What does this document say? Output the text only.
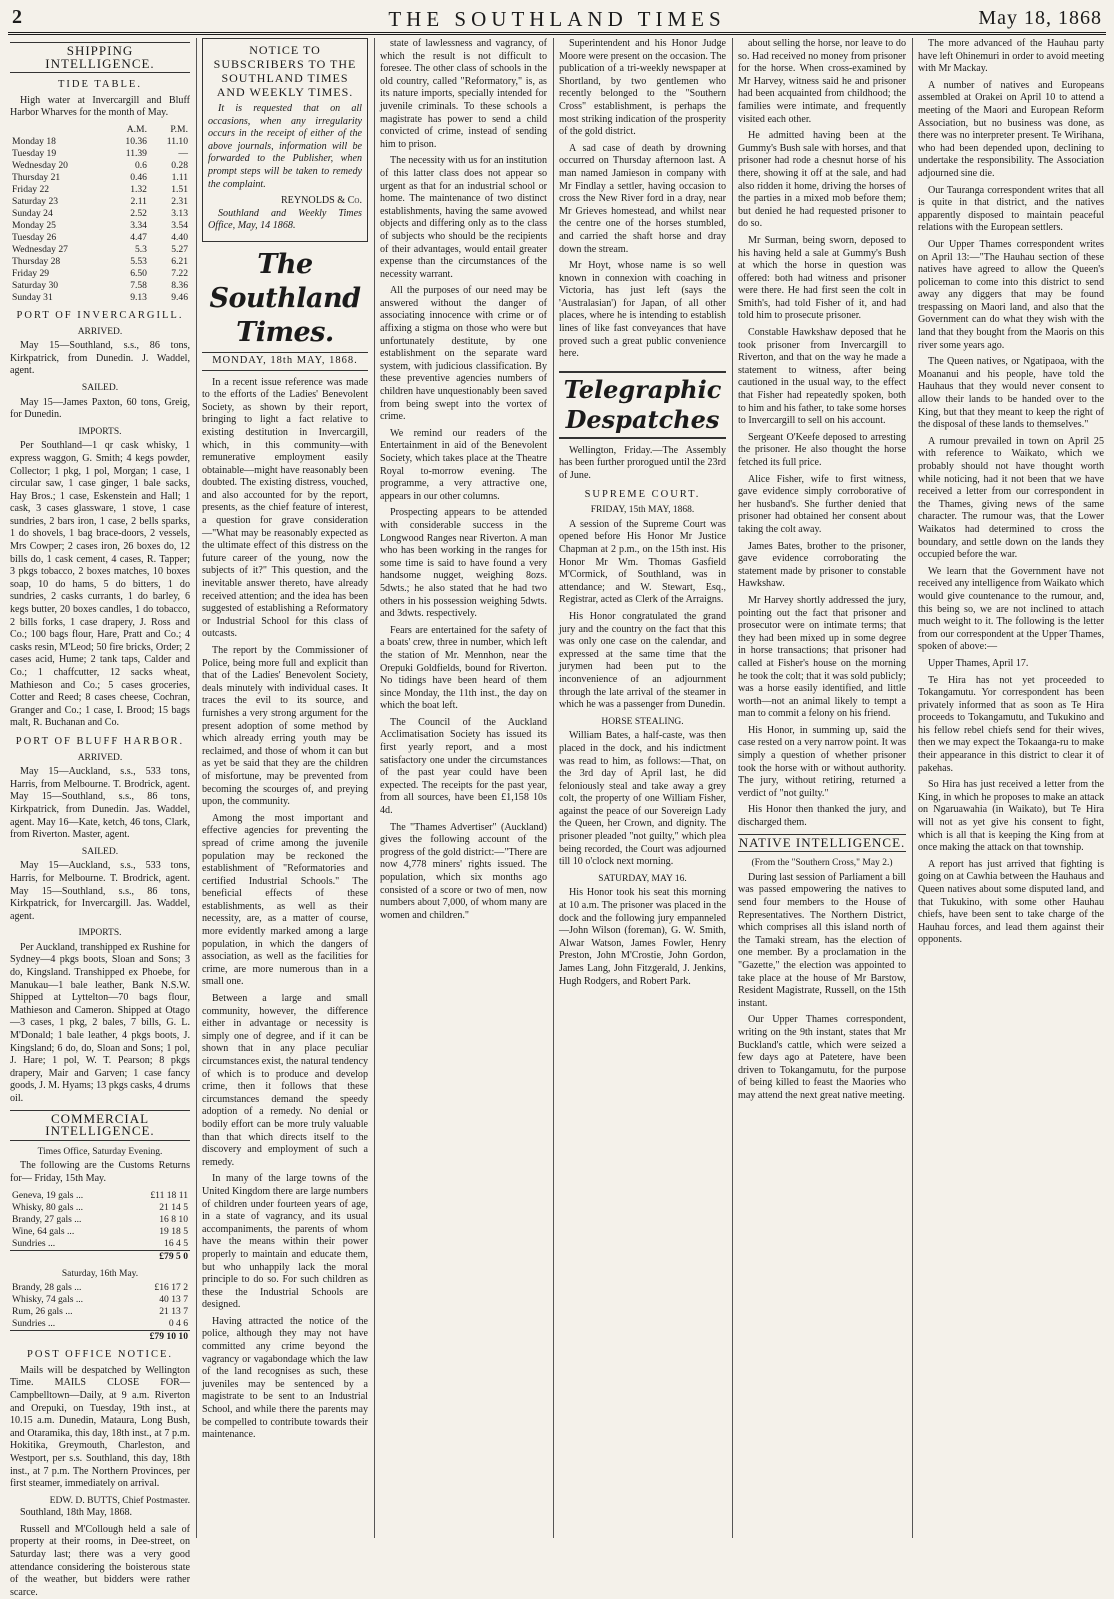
2	THE SOUTHLAND TIMES	May 18, 1868
SHIPPING INTELLIGENCE.
TIDE TABLE.

High water at Invercargill and Bluff Harbor Wharves for the month of May.

	A.M.	P.M.
Monday 18	10.36	11.10
Tuesday 19	11.39	—
Wednesday 20	0.6	0.28
Thursday 21	0.46	1.11
Friday 22	1.32	1.51
Saturday 23	2.11	2.31
Sunday 24	2.52	3.13
Monday 25	3.34	3.54
Tuesday 26	4.47	4.40
Wednesday 27	5.3	5.27
Thursday 28	5.53	6.21
Friday 29	6.50	7.22
Saturday 30	7.58	8.36
Sunday 31	9.13	9.46
PORT OF INVERCARGILL.
ARRIVED.

May 15—Southland, s.s., 86 tons, Kirkpatrick, from Dunedin. J. Waddel, agent.

SAILED.

May 15—James Paxton, 60 tons, Greig, for Dunedin.

IMPORTS.

Per Southland—1 qr cask whisky, 1 express waggon, G. Smith; 4 kegs powder, Collector; 1 pkg, 1 pol, Morgan; 1 case, 1 circular saw, 1 case ginger, 1 bale sacks, Hay Bros.; 1 case, Eskenstein and Hall; 1 cask, 3 cases glassware, 1 stove, 1 case sundries, 2 bars iron, 1 case, 2 bells sparks, 1 do shovels, 1 bag brace-doors, 2 vessels, Mrs Cowper; 2 cases iron, 26 boxes do, 12 bills do, 1 cask cement, 4 cases, R. Tapper; 3 pkgs tobacco, 2 boxes matches, 10 boxes soap, 10 do hams, 5 do bitters, 1 do sundries, 2 casks currants, 1 do barley, 6 kegs butter, 20 boxes candles, 1 do tobacco, 2 bills forks, 1 case drapery, J. Ross and Co.; 100 bags flour, Hare, Pratt and Co.; 4 casks resin, M'Leod; 50 fire bricks, Order; 2 cases acid, Hume; 2 tank taps, Calder and Co.; 1 chaffcutter, 12 sacks wheat, Mathieson and Co.; 5 cases groceries, Cotter and Reed; 8 cases cheese, Cochran, Granger and Co.; 1 case, I. Brood; 15 bags malt, R. Buchanan and Co.

PORT OF BLUFF HARBOR.
ARRIVED.

May 15—Auckland, s.s., 533 tons, Harris, from Melbourne. T. Brodrick, agent. May 15—Southland, s.s., 86 tons, Kirkpatrick, from Dunedin. Jas. Waddel, agent. May 16—Kate, ketch, 46 tons, Clark, from Riverton. Master, agent.

SAILED.

May 15—Auckland, s.s., 533 tons, Harris, for Melbourne. T. Brodrick, agent. May 15—Southland, s.s., 86 tons, Kirkpatrick, for Invercargill. Jas. Waddel, agent.

IMPORTS.

Per Auckland, transhipped ex Rushine for Sydney—4 pkgs boots, Sloan and Sons; 3 do, Kingsland. Transhipped ex Phoebe, for Manukau—1 bale leather, Bank N.S.W. Shipped at Lyttelton—70 bags flour, Mathieson and Cameron. Shipped at Otago—3 cases, 1 pkg, 2 bales, 7 bills, G. L. M'Donald; 1 bale leather, 4 pkgs boots, J. Kingsland; 6 do, do, Sloan and Sons; 1 pol, J. Hare; 1 pol, W. T. Pearson; 8 pkgs drapery, Mair and Garven; 1 case fancy goods, J. M. Hyams; 13 pkgs casks, 4 drums oil.

COMMERCIAL INTELLIGENCE.
Times Office, Saturday Evening.

The following are the Customs Returns for— Friday, 15th May.

Geneva, 19 gals ...	£11 18 11
Whisky, 80 gals ...	21 14 5
Brandy, 27 gals ...	16 8 10
Wine, 64 gals ...	19 18 5
Sundries ...	16 4 5
	£79 5 0
Saturday, 16th May.
Brandy, 28 gals ...	£16 17 2
Whisky, 74 gals ...	40 13 7
Rum, 26 gals ...	21 13 7
Sundries ...	0 4 6
	£79 10 10
POST OFFICE NOTICE.

Mails will be despatched by Wellington Time. MAILS CLOSE FOR— Campbelltown—Daily, at 9 a.m. Riverton and Orepuki, on Tuesday, 19th inst., at 10.15 a.m. Dunedin, Mataura, Long Bush, and Otaramika, this day, 18th inst., at 7 p.m. Hokitika, Greymouth, Charleston, and Westport, per s.s. Southland, this day, 18th inst., at 7 p.m. The Northern Provinces, per first steamer, immediately on arrival.

EDW. D. BUTTS, Chief Postmaster.

Southland, 18th May, 1868.

Russell and M'Collough held a sale of property at their rooms, in Dee-street, on Saturday last; there was a very good attendance considering the boisterous state of the weather, but bidders were rather scarce.

NOTICE TO SUBSCRIBERS TO THE SOUTHLAND TIMES AND WEEKLY TIMES.

It is requested that on all occasions, when any irregularity occurs in the receipt of either of the above journals, information will be forwarded to the Publisher, when prompt steps will be taken to remedy the complaint.

REYNOLDS & Co.

Southland and Weekly Times Office, May, 14 1868.

The Southland Times.
MONDAY, 18th MAY, 1868.

In a recent issue reference was made to the efforts of the Ladies' Benevolent Society, as shown by their report, bringing to light a fact relative to existing destitution in Invercargill, which, in this community—with remunerative employment easily obtainable—might have reasonably been doubted. The existing distress, vouched, and also accounted for by the report, presents, as the chief feature of interest, a question for grave consideration—"What may be reasonably expected as the ultimate effect of this distress on the future career of the young, now the subjects of it?" This question, and the inevitable answer thereto, have already received attention; and the idea has been suggested of establishing a Reformatory or Industrial School for this class of outcasts.

The report by the Commissioner of Police, being more full and explicit than that of the Ladies' Benevolent Society, deals minutely with individual cases. It traces the evil to its source, and furnishes a very strong argument for the present adoption of some method by which already erring youth may be reclaimed, and those of whom it can but as yet be said that they are the children of misfortune, may be prevented from becoming the scourges of, and preying upon, the community.

Among the most important and effective agencies for preventing the spread of crime among the juvenile population may be reckoned the establishment of "Reformatories and certified Industrial Schools." The beneficial effects of these establishments, as well as their necessity, are, as a matter of course, more evidently marked among a large population, in which the dangers of association, as well as the facilities for crime, are more numerous than in a small one.

Between a large and small community, however, the difference either in advantage or necessity is simply one of degree, and if it can be shown that in any place peculiar circumstances exist, the natural tendency of which is to produce and develop crime, then it follows that these circumstances demand the speedy adoption of a remedy. No denial or bodily effort can be more truly valuable than that which directs itself to the discovery and employment of such a remedy.

In many of the large towns of the United Kingdom there are large numbers of children under fourteen years of age, in a state of vagrancy, and its usual accompaniments, the parents of whom have the means within their power properly to maintain and educate them, but who unhappily lack the moral principle to do so. For such children as these the Industrial Schools are designed.

Having attracted the notice of the police, although they may not have committed any crime beyond the vagrancy or vagabondage which the law of the land recognises as such, these juveniles may be sentenced by a magistrate to be sent to an Industrial School, and while there the parents may be compelled to contribute towards their maintenance.

state of lawlessness and vagrancy, of which the result is not difficult to foresee. The other class of schools in the old country, called "Reformatory," is, as its nature imports, specially intended for juvenile criminals. To these schools a magistrate has power to send a child convicted of crime, instead of sending him to prison.

The necessity with us for an institution of this latter class does not appear so urgent as that for an industrial school or home. The maintenance of two distinct establishments, having the same avowed objects and differing only as to the class of subjects who should be the recipients of their advantages, would entail greater expense than the circumstances of the necessity warrant.

All the purposes of our need may be answered without the danger of associating innocence with crime or of affixing a stigma on those who were but unfortunately destitute, by one establishment on the separate ward system, with judicious classification. By these preventive agencies numbers of children have unquestionably been saved from being swept into the vortex of crime.

We remind our readers of the Entertainment in aid of the Benevolent Society, which takes place at the Theatre Royal to-morrow evening. The programme, a very attractive one, appears in our other columns.

Prospecting appears to be attended with considerable success in the Longwood Ranges near Riverton. A man who has been working in the ranges for some time is said to have found a very handsome nugget, weighing 8ozs. 5dwts.; he also stated that he had two others in his possession weighing 5dwts. and 3dwts. respectively.

Fears are entertained for the safety of a boats' crew, three in number, which left the station of Mr. Mennhon, near the Orepuki Goldfields, bound for Riverton. No tidings have been heard of them since Monday, the 11th inst., the day on which the boat left.

The Council of the Auckland Acclimatisation Society has issued its first yearly report, and a most satisfactory one under the circumstances of the past year could have been expected. The receipts for the past year, from all sources, have been £1,158 10s 4d.

The "Thames Advertiser" (Auckland) gives the following account of the progress of the gold district:—"There are now 4,778 miners' rights issued. The population, which six months ago consisted of a score or two of men, now numbers about 7,000, of whom many are women and children."

Superintendent and his Honor Judge Moore were present on the occasion. The publication of a tri-weekly newspaper at Shortland, by two gentlemen who recently belonged to the "Southern Cross" establishment, is perhaps the most striking indication of the prosperity of the gold district.

A sad case of death by drowning occurred on Thursday afternoon last. A man named Jamieson in company with Mr Findlay a settler, having occasion to cross the New River ford in a dray, near Mr Grieves homestead, and whilst near the centre one of the horses stumbled, and carried the shaft horse and dray down the stream.

Mr Hoyt, whose name is so well known in connexion with coaching in Victoria, has just left (says the 'Australasian') for Japan, of all other places, where he is intending to establish lines of like fast conveyances that have proved such a great public convenience here.

Telegraphic Despatches

Wellington, Friday.—The Assembly has been further prorogued until the 23rd of June.

SUPREME COURT.
FRIDAY, 15th MAY, 1868.

A session of the Supreme Court was opened before His Honor Mr Justice Chapman at 2 p.m., on the 15th inst. His Honor Mr Wm. Thomas Gasfield M'Cormick, of Southland, was in attendance; and W. Stewart, Esq., Registrar, acted as Clerk of the Arraigns.

His Honor congratulated the grand jury and the country on the fact that this was only one case on the calendar, and expressed at the same time that the jurymen had been put to the inconvenience of an adjournment through the late arrival of the steamer in which he was a passenger from Dunedin.

HORSE STEALING.

William Bates, a half-caste, was then placed in the dock, and his indictment was read to him, as follows:—That, on the 3rd day of April last, he did feloniously steal and take away a grey colt, the property of one William Fisher, against the peace of our Sovereign Lady the Queen, her Crown, and dignity. The prisoner pleaded "not guilty," which plea being recorded, the Court was adjourned till 10 o'clock next morning.

SATURDAY, MAY 16.

His Honor took his seat this morning at 10 a.m. The prisoner was placed in the dock and the following jury empanneled—John Wilson (foreman), G. W. Smith, Alwar Watson, James Fowler, Henry Preston, John M'Crostie, John Gordon, James Lang, John Fitzgerald, J. Jenkins, Hugh Rodgers, and Robert Park.

about selling the horse, nor leave to do so. Had received no money from prisoner for the horse. When cross-examined by Mr Harvey, witness said he and prisoner had been acquainted from childhood; the families were intimate, and frequently visited each other.

He admitted having been at the Gummy's Bush sale with horses, and that prisoner had rode a chesnut horse of his there, showing it off at the sale, and had also ridden it home, driving the horses of the parties in a mixed mob before them; but denied he had requested prisoner to do so.

Mr Surman, being sworn, deposed to his having held a sale at Gummy's Bush at which the horse in question was offered: both had witness and prisoner were there. He had first seen the colt in Smith's, had told Fisher of it, and had told him to prosecute prisoner.

Constable Hawkshaw deposed that he took prisoner from Invercargill to Riverton, and that on the way he made a statement to witness, after being cautioned in the usual way, to the effect that Fisher had repeatedly spoken, both to him and his father, to take some horses to Invercargill to sell on his account.

Sergeant O'Keefe deposed to arresting the prisoner. He also thought the horse fetched its full price.

Alice Fisher, wife to first witness, gave evidence simply corroborative of her husband's. She further denied that prisoner had obtained her consent about taking the colt away.

James Bates, brother to the prisoner, gave evidence corroborating the statement made by prisoner to constable Hawkshaw.

Mr Harvey shortly addressed the jury, pointing out the fact that prisoner and prosecutor were on intimate terms; that they had been mixed up in some degree in horse transactions; that prisoner had called at Fisher's house on the morning he took the colt; that it was sold publicly; was a horse easily identified, and little worth—not an animal likely to tempt a man to commit a felony on his friend.

His Honor, in summing up, said the case rested on a very narrow point. It was simply a question of whether prisoner took the horse with or without authority. The jury, without retiring, returned a verdict of "not guilty."

His Honor then thanked the jury, and discharged them.

NATIVE INTELLIGENCE.
(From the "Southern Cross," May 2.)

During last session of Parliament a bill was passed empowering the natives to send four members to the House of Representatives. The Northern District, which comprises all this island north of the Tamaki stream, has the election of one member. By a proclamation in the "Gazette," the election was appointed to take place at the house of Mr Barstow, Resident Magistrate, Russell, on the 15th instant.

Our Upper Thames correspondent, writing on the 9th instant, states that Mr Buckland's cattle, which were seized a few days ago at Patetere, have been driven to Tokangamutu, for the purpose of being killed to feast the Maories who may attend the next great native meeting.

The more advanced of the Hauhau party have left Ohinemuri in order to avoid meeting with Mr Mackay.

A number of natives and Europeans assembled at Orakei on April 10 to attend a meeting of the Maori and European Reform Association, but no business was done, as there was no interpreter present. Te Wirihana, who had been depended upon, declining to undertake the responsibility. The Association adjourned sine die.

Our Tauranga correspondent writes that all is quite in that district, and the natives apparently disposed to maintain peaceful relations with the European settlers.

Our Upper Thames correspondent writes on April 13:—"The Hauhau section of these natives have agreed to allow the Queen's policeman to come into this district to send away any diggers that may be found trespassing on Maori land, and also that the Government can do what they wish with the land that they bought from the Maoris on this river some years ago.

The Queen natives, or Ngatipaoa, with the Moananui and his people, have told the Hauhaus that they would never consent to allow their lands to be handed over to the King, but that they meant to keep the right of the disposal of these lands to themselves."

A rumour prevailed in town on April 25 with reference to Waikato, which we probably should not have thought worth while noticing, had it not been that we have received a letter from our correspondent in the Thames, giving news of the same character. The rumour was, that the Lower Waikatos had determined to cross the boundary, and settle down on the lands they occupied before the war.

We learn that the Government have not received any intelligence from Waikato which would give countenance to the rumour, and, this being so, we are not inclined to attach much weight to it. The following is the letter from our correspondent at the Upper Thames, spoken of above:—

Upper Thames, April 17.

Te Hira has not yet proceeded to Tokangamutu. Yor correspondent has been privately informed that as soon as Te Hira proceeds to Tokangamutu, and Tukukino and his fellow rebel chiefs send for their wives, then we may expect the Tokaanga-ru to make their appearance in this district to clear it of pakehas.

So Hira has just received a letter from the King, in which he proposes to make an attack on Ngaruawahia (in Waikato), but Te Hira will not as yet give his consent to fight, which is all that is keeping the King from at once making the attack on that township.

A report has just arrived that fighting is going on at Cawhia between the Hauhaus and Queen natives about some disputed land, and that Tukukino, with some other Hauhau chiefs, have been sent to take charge of the Hauhau forces, and lead them against their opponents.
